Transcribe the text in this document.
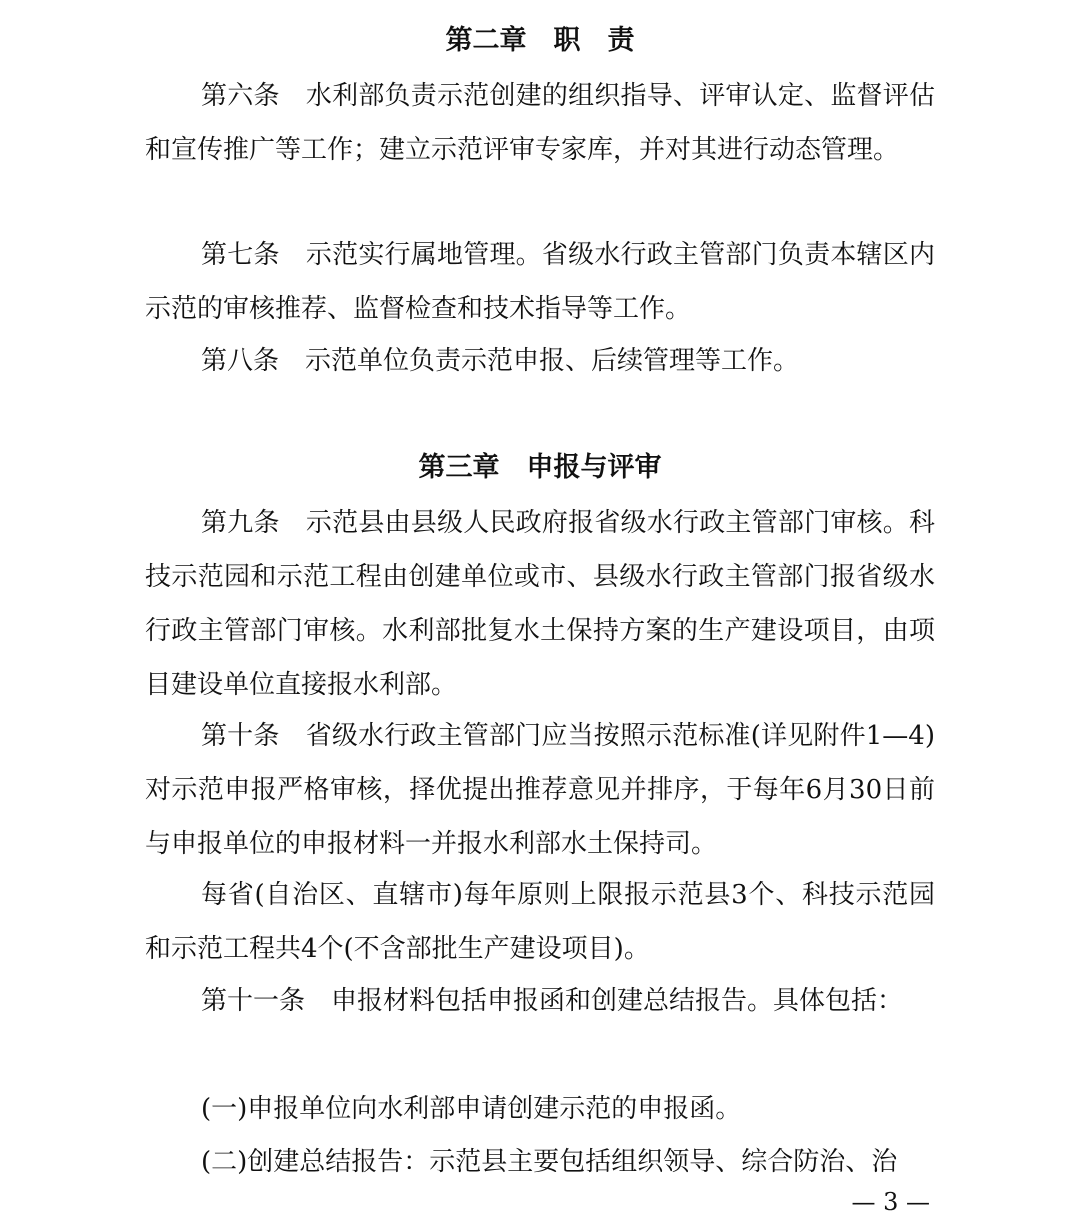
第二章　职　责

第六条　水利部负责示范创建的组织指导、评审认定、监督评估和宣传推广等工作；建立示范评审专家库，并对其进行动态管理。

第七条　示范实行属地管理。省级水行政主管部门负责本辖区内示范的审核推荐、监督检查和技术指导等工作。

第八条　示范单位负责示范申报、后续管理等工作。

第三章　申报与评审

第九条　示范县由县级人民政府报省级水行政主管部门审核。科技示范园和示范工程由创建单位或市、县级水行政主管部门报省级水行政主管部门审核。水利部批复水土保持方案的生产建设项目，由项目建设单位直接报水利部。

第十条　省级水行政主管部门应当按照示范标准(详见附件1—4)对示范申报严格审核，择优提出推荐意见并排序，于每年6月30日前与申报单位的申报材料一并报水利部水土保持司。

每省(自治区、直辖市)每年原则上限报示范县3个、科技示范园和示范工程共4个(不含部批生产建设项目)。

第十一条　申报材料包括申报函和创建总结报告。具体包括：

(一)申报单位向水利部申请创建示范的申报函。

(二)创建总结报告：示范县主要包括组织领导、综合防治、治

— 3 —
